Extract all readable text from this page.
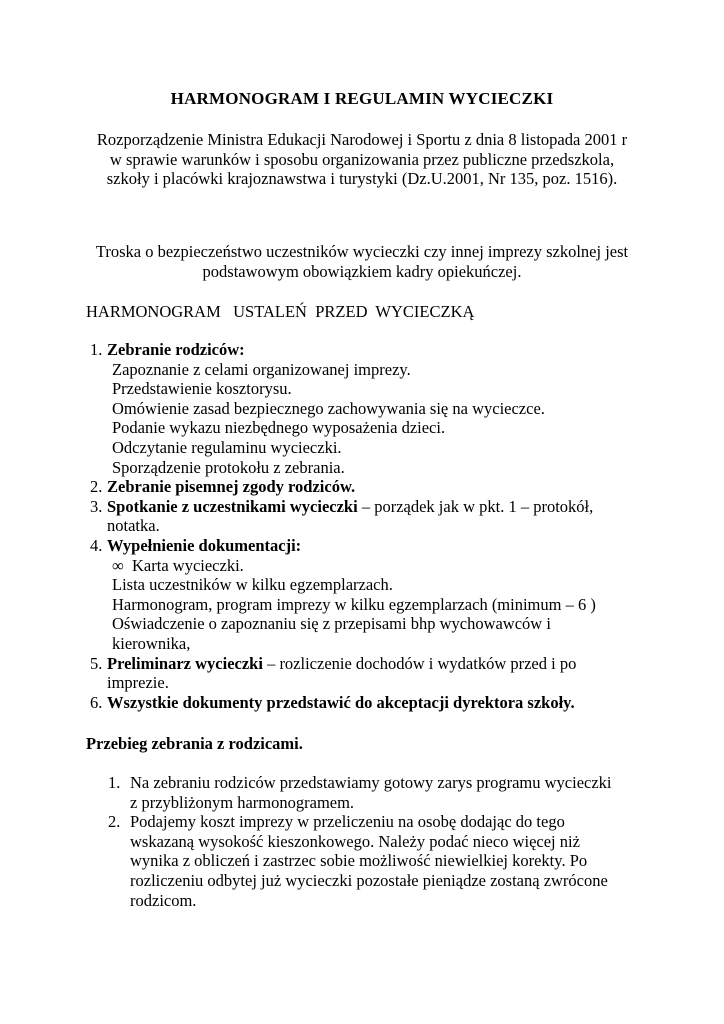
HARMONOGRAM I REGULAMIN WYCIECZKI
Rozporządzenie Ministra Edukacji Narodowej i Sportu z dnia 8 listopada 2001 r
w sprawie warunków i sposobu organizowania przez publiczne przedszkola,
szkoły i placówki krajoznawstwa i turystyki (Dz.U.2001, Nr 135, poz. 1516).
Troska o bezpieczeństwo uczestników wycieczki czy innej imprezy szkolnej jest
podstawowym obowiązkiem kadry opiekuńczej.
HARMONOGRAM   USTALEŃ  PRZED  WYCIECZKĄ
1. Zebranie rodziców:
Zapoznanie z celami organizowanej imprezy.
Przedstawienie kosztorysu.
Omówienie zasad bezpiecznego zachowywania się na wycieczce.
Podanie wykazu niezbędnego wyposażenia dzieci.
Odczytanie regulaminu wycieczki.
Sporządzenie protokołu z zebrania.
2. Zebranie pisemnej zgody rodziców.
3. Spotkanie z uczestnikami wycieczki – porządek jak w pkt. 1 – protokół,
notatka.
4. Wypełnienie dokumentacji:
∞ Karta wycieczki.
Lista uczestników w kilku egzemplarzach.
Harmonogram, program imprezy w kilku egzemplarzach (minimum – 6 )
Oświadczenie o zapoznaniu się z przepisami bhp wychowawców i
kierownika,
5. Preliminarz wycieczki – rozliczenie dochodów i wydatków przed i po
imprezie.
6. Wszystkie dokumenty przedstawić do akceptacji dyrektora szkoły.
Przebieg zebrania z rodzicami.
1. Na zebraniu rodziców przedstawiamy gotowy zarys programu wycieczki
z przybliżonym harmonogramem.
2. Podajemy koszt imprezy w przeliczeniu na osobę dodając do tego
wskazaną wysokość kieszonkowego. Należy podać nieco więcej niż
wynika z obliczeń i zastrzec sobie możliwość niewielkiej korekty. Po
rozliczeniu odbytej już wycieczki pozostałe pieniądze zostaną zwrócone
rodzicom.
